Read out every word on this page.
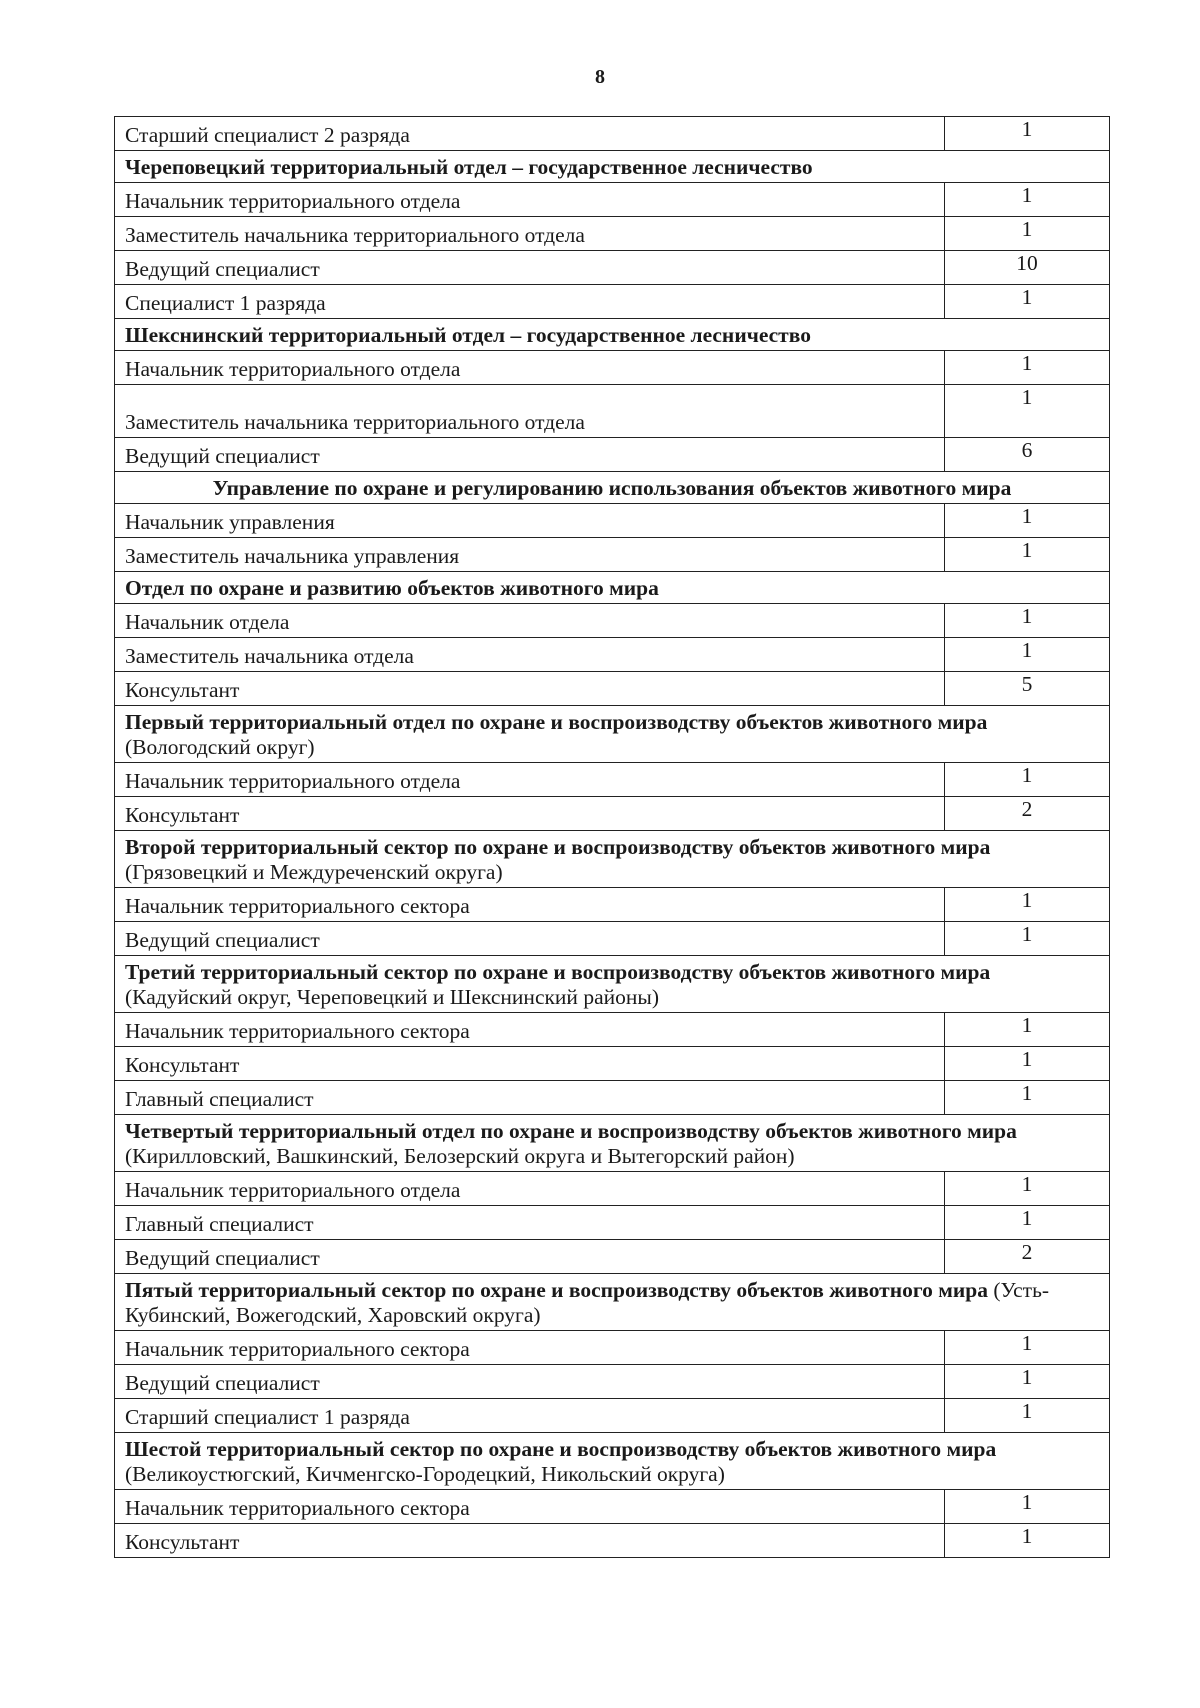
8
Старший специалист 2 разряда	1
Череповецкий территориальный отдел – государственное лесничество	
Начальник территориального отдела	1
Заместитель начальника территориального отдела	1
Ведущий специалист	10
Специалист 1 разряда	1
Шекснинский территориальный отдел – государственное лесничество	
Начальник территориального отдела	1
Заместитель начальника территориального отдела	1
Ведущий специалист	6
Управление по охране и регулированию использования объектов животного мира	
Начальник управления	1
Заместитель начальника управления	1
Отдел по охране и развитию объектов животного мира	
Начальник отдела	1
Заместитель начальника отдела	1
Консультант	5
Первый территориальный отдел по охране и воспроизводству объектов животного мира (Вологодский округ)	
Начальник территориального отдела	1
Консультант	2
Второй территориальный сектор по охране и воспроизводству объектов животного мира (Грязовецкий и Междуреченский округа)	
Начальник территориального сектора	1
Ведущий специалист	1
Третий территориальный сектор по охране и воспроизводству объектов животного мира (Кадуйский округ, Череповецкий и Шекснинский районы)	
Начальник территориального сектора	1
Консультант	1
Главный специалист	1
Четвертый территориальный отдел по охране и воспроизводству объектов животного мира (Кирилловский, Вашкинский, Белозерский округа и Вытегорский район)	
Начальник территориального отдела	1
Главный специалист	1
Ведущий специалист	2
Пятый территориальный сектор по охране и воспроизводству объектов животного мира (Усть-Кубинский, Вожегодский, Харовский округа)	
Начальник территориального сектора	1
Ведущий специалист	1
Старший специалист 1 разряда	1
Шестой территориальный сектор по охране и воспроизводству объектов животного мира (Великоустюгский, Кичменгско-Городецкий, Никольский округа)	
Начальник территориального сектора	1
Консультант	1
